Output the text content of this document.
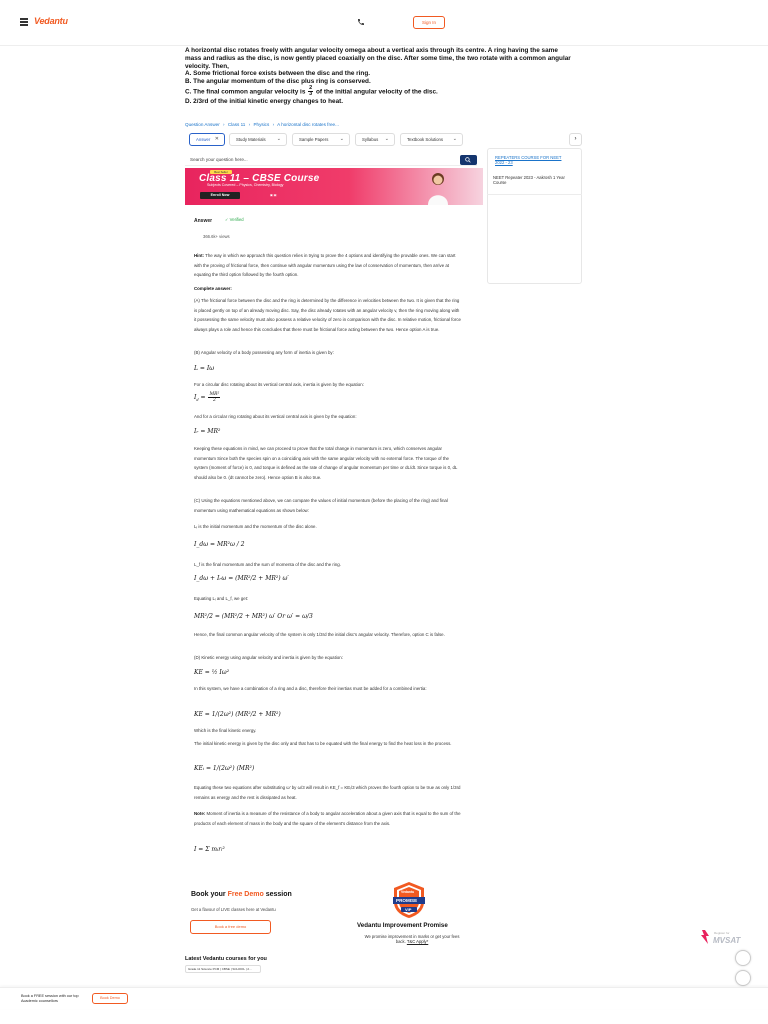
Vedantu	Sign In
A horizontal disc rotates freely with angular velocity omega about a vertical axis through its centre. A ring having the same mass and radius as the disc, is now gently placed coaxially on the disc. After some time, the two rotate with a common angular velocity. Then,
A. Some frictional force exists between the disc and the ring.
B. The angular momentum of the disc plus ring is conserved.
C. The final common angular velocity is $\frac{2}{3}$ of the initial angular velocity of the disc.
D. 2/3rd of the initial kinetic energy changes to heat.
Question Answer › Class 11 › Physics › A horizontal disc rotates free...
Answer ✕	Study Materials ⌄	Sample Papers ⌄	Syllabus ⌄	Textbook Solutions ⌄	›
Search your question here...
Best Seller
Class 11 – CBSE Course
Subjects Covered – Physics, Chemistry, Biology
Enroll Now	▣ ▣
REPEATERS COURSE FOR NEET 2022 - 23
NEET Repeater 2023 - Aakrosh 1 Year Course
Answer	✓ Verified
366.6k+ views
Hint: The way in which we approach this question relies in trying to prove the 4 options and identifying the provable ones. We can start with the proving of frictional force, then continue with angular momentum using the law of conservation of momentum, then arrive at equating the third option followed by the fourth option.
Complete answer:
(A) The frictional force between the disc and the ring is determined by the difference in velocities between the two. It is given that the ring is placed gently on top of an already moving disc. Say, the disc already rotates with an angular velocity v, then the ring moving along with it possessing the same velocity must also possess a relative velocity of zero in comparison with the disc. In relative motion, frictional force always plays a role and hence this concludes that there must be frictional force acting between the two. Hence option A is true.
(B) Angular velocity of a body possessing any form of inertia is given by:
L = Iω
For a circular disc rotating about its vertical central axis, inertia is given by the equation:
$I_d = \frac{\text{MR²}}{2}$
And for a circular ring rotating about its vertical central axis is given by the equation:
Iᵣ = MR²
Keeping these equations in mind, we can proceed to prove that the total change in momentum is zero, which conserves angular momentum Since both the species spin on a coinciding axis with the same angular velocity with no external force. The torque of the system (moment of force) is 0, and torque is defined as the rate of change of angular momentum per time or dL/dt. Since torque is 0, dL should also be 0. (dt cannot be zero). Hence option B is also true.
(C) Using the equations mentioned above, we can compare the values of initial momentum (before the placing of the ring) and final momentum using mathematical equations as shown below:
Lᵢ is the initial momentum and the momentum of the disc alone.
I_dω = MR²ω / 2
L_f is the final momentum and the sum of momenta of the disc and the ring.
I_dω + Iᵣω = (MR²/2 + MR²) ω′
Equating Lᵢ and L_f, we get:
MR²/2 = (MR²/2 + MR²) ω′ Or ω′ = ω/3
Hence, the final common angular velocity of the system is only 1/3rd the initial disc's angular velocity. Therefore, option C is false.
(D) Kinetic energy using angular velocity and inertia is given by the equation:
KE = ½ Iω²
In this system, we have a combination of a ring and a disc, therefore their inertias must be added for a combined inertia:
KE = 1/(2ω²) (MR²/2 + MR²)
Which is the final kinetic energy.
The initial kinetic energy is given by the disc only and that has to be equated with the final energy to find the heat loss in the process.
KEᵢ = 1/(2ω²) (MR²)
Equating these two equations after substituting ω′ by ω/3 will result in KE_f = KEᵢ/3 which proves the fourth option to be true as only 1/3rd remains as energy and the rest is dissipated as heat.
Note: Moment of inertia is a measure of the resistance of a body to angular acceleration about a given axis that is equal to the sum of the products of each element of mass in the body and the square of the element's distance from the axis.
I = Σ mᵢrᵢ²
Book your Free Demo session
Get a flavour of LIVE classes here at Vedantu
Book a free demo
Vedantu
PROMISE
VIP
Vedantu Improvement Promise
We promise improvement in marks or get your fees back. T&C Apply*
Latest Vedantu courses for you
Grade 11 Science PCM | CBSE | SCHOOL | 2...
Register for
MVSAT
Book a FREE session with our top Academic counsellors
Book Demo
